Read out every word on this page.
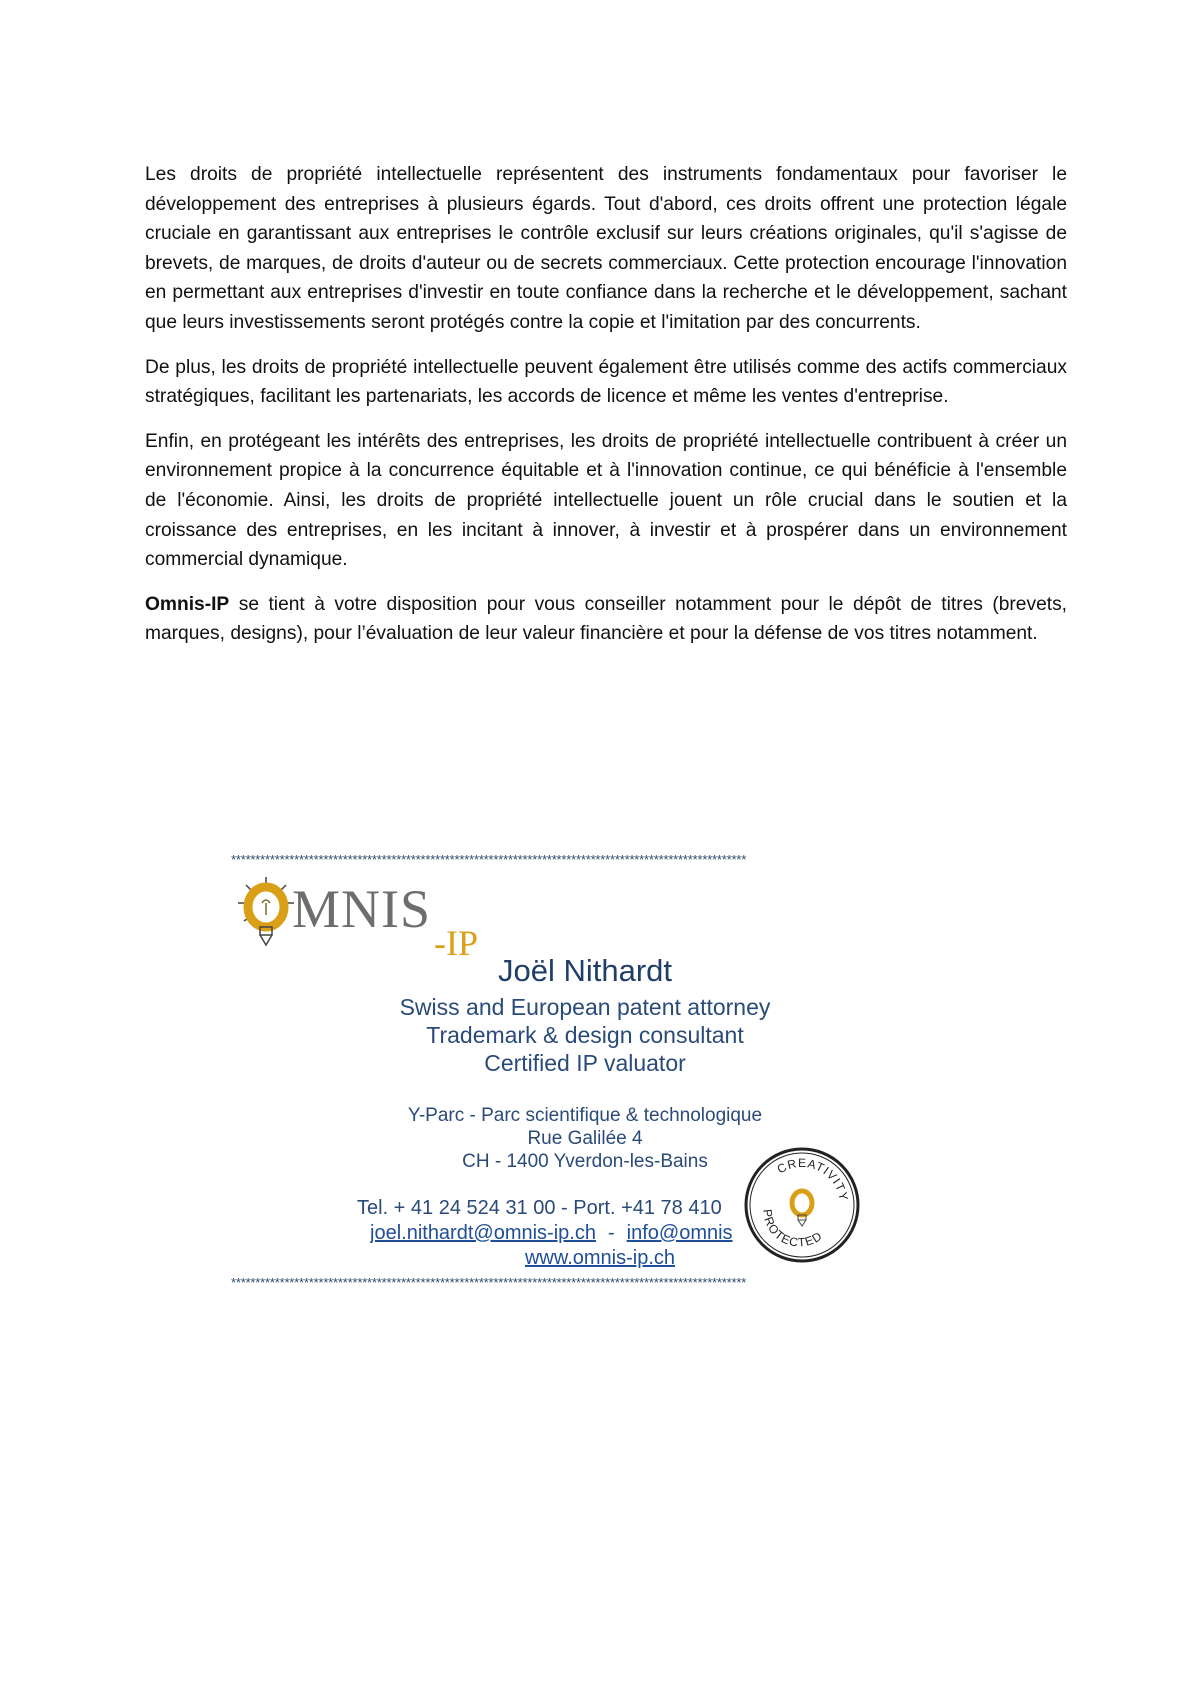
Les droits de propriété intellectuelle représentent des instruments fondamentaux pour favoriser le développement des entreprises à plusieurs égards. Tout d'abord, ces droits offrent une protection légale cruciale en garantissant aux entreprises le contrôle exclusif sur leurs créations originales, qu'il s'agisse de brevets, de marques, de droits d'auteur ou de secrets commerciaux. Cette protection encourage l'innovation en permettant aux entreprises d'investir en toute confiance dans la recherche et le développement, sachant que leurs investissements seront protégés contre la copie et l'imitation par des concurrents.

De plus, les droits de propriété intellectuelle peuvent également être utilisés comme des actifs commerciaux stratégiques, facilitant les partenariats, les accords de licence et même les ventes d'entreprise.

Enfin, en protégeant les intérêts des entreprises, les droits de propriété intellectuelle contribuent à créer un environnement propice à la concurrence équitable et à l'innovation continue, ce qui bénéficie à l'ensemble de l'économie. Ainsi, les droits de propriété intellectuelle jouent un rôle crucial dans le soutien et la croissance des entreprises, en les incitant à innover, à investir et à prospérer dans un environnement commercial dynamique.

Omnis-IP se tient à votre disposition pour vous conseiller notamment pour le dépôt de titres (brevets, marques, designs), pour l’évaluation de leur valeur financière et pour la défense de vos titres notamment.

**********************************************************************************************************
MNIS
-IP
Joël Nithardt
Swiss and European patent attorney
Trademark & design consultant
Certified IP valuator
Y-Parc - Parc scientifique & technologique
Rue Galilée 4
CH - 1400 Yverdon-les-Bains
Tel. + 41 24 524 31 00 - Port. +41 78 410
joel.nithardt@omnis-ip.ch - info@omnis
www.omnis-ip.ch
CREATIVITY
PROTECTED
**********************************************************************************************************
